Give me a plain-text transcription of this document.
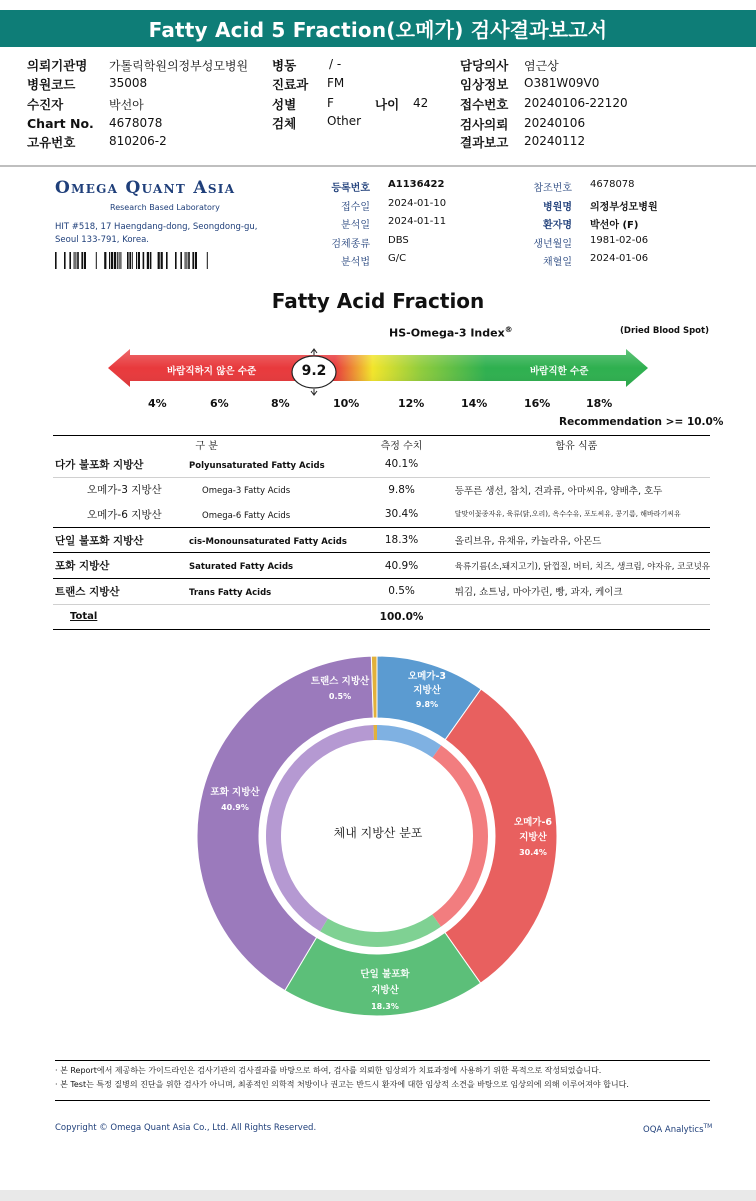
Fatty Acid 5 Fraction(오메가) 검사결과보고서
의뢰기관명 가톨릭학원의정부성모병원
병원코드	35008
수진자	박선아
Chart No. 4678078
고유번호	810206-2
병동	/ -
진료과 FM
성별	F	나이 42
검체	Other
담당의사 염근상
임상정보 O381W09V0
접수번호 20240106-22120
검사의뢰 20240106
결과보고 20240112
Omega Quant Asia
Research Based Laboratory
HIT #518, 17 Haengdang-dong, Seongdong-gu,
Seoul 133-791, Korea.
등록번호 A1136422
접수일 2024-01-10
분석일 2024-01-11
검체종류 DBS
분석법 G/C
참조번호 4678078
병원명 의정부성모병원
환자명 박선아 (F)
생년월일 1981-02-06
채혈일 2024-01-06
Fatty Acid Fraction
HS-Omega-3 Index®	(Dried Blood Spot)
바람직하지 않은 수준	바람직한 수준
9.2
4%	6%	8%	10%	12%	14%	16%	18%
Recommendation >= 10.0%
구 분	측정 수치	함유 식품
다가 불포화 지방산 Polyunsaturated Fatty Acids	40.1%	
오메가-3 지방산 Omega-3 Fatty Acids	9.8%	등푸른 생선, 참치, 견과류, 아마씨유, 양배추, 호두
오메가-6 지방산 Omega-6 Fatty Acids	30.4%	달맞이꽃종자유, 육류(닭,오리), 옥수수유, 포도씨유, 콩기름, 해바라기씨유
단일 불포화 지방산 cis-Monounsaturated Fatty Acids	18.3%	올리브유, 유채유, 카놀라유, 아몬드
포화 지방산 Saturated Fatty Acids	40.9%	육류기름(소,돼지고기), 닭껍질, 버터, 치즈, 생크림, 야자유, 코코넛유
트랜스 지방산 Trans Fatty Acids	0.5%	튀김, 쇼트닝, 마아가린, 빵, 과자, 케이크
Total	100.0%	
체내 지방산 분포
오메가-3
지방산
9.8%
오메가-6
지방산
30.4%
단일 불포화
지방산
18.3%
포화 지방산
40.9%
트랜스 지방산
0.5%
· 본 Report에서 제공하는 가이드라인은 검사기관의 검사결과를 바탕으로 하여, 검사를 의뢰한 임상의가 치료과정에 사용하기 위한 목적으로 작성되었습니다.
· 본 Test는 특정 질병의 진단을 위한 검사가 아니며, 최종적인 의학적 처방이나 권고는 반드시 환자에 대한 임상적 소견을 바탕으로 임상의에 의해 이루어져야 합니다.
Copyright © Omega Quant Asia Co., Ltd. All Rights Reserved.	OQA Analytics™
